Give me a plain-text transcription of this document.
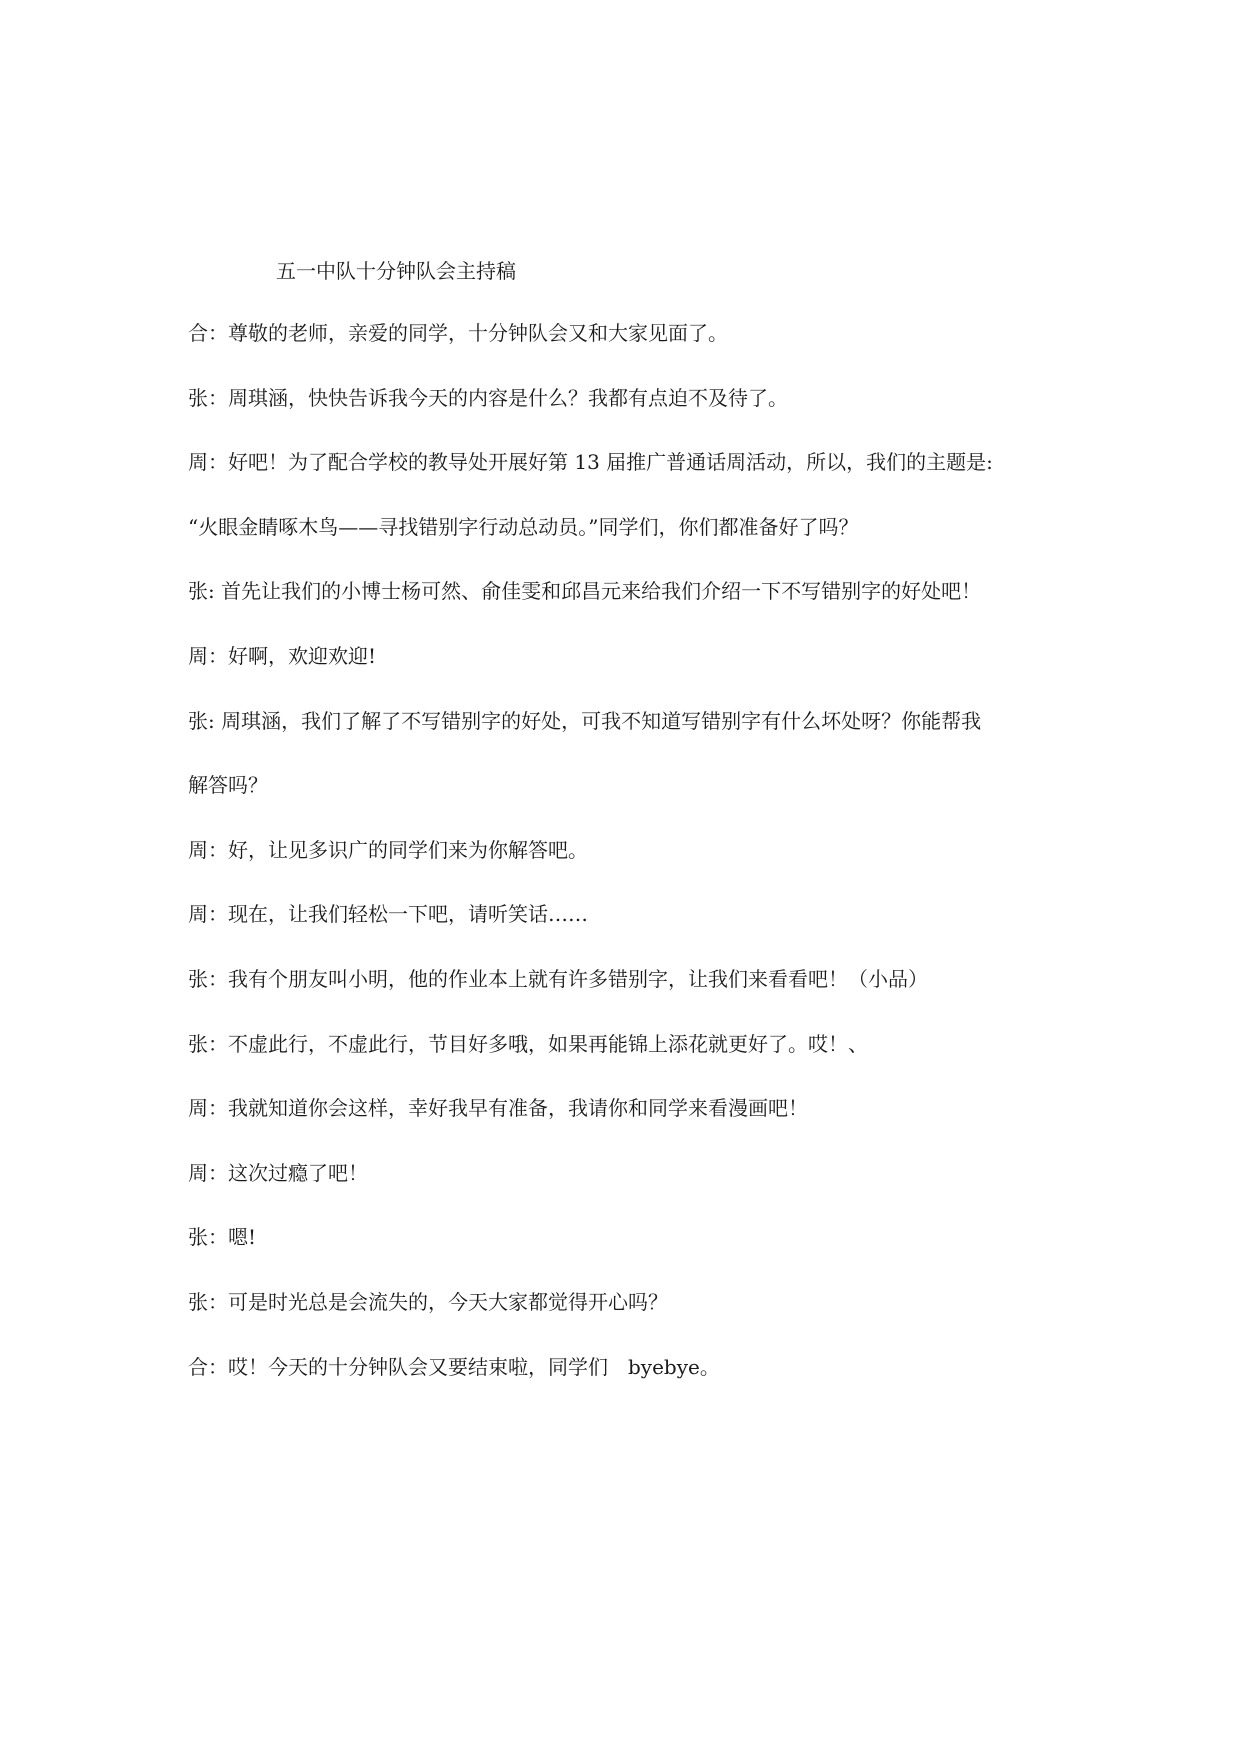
五一中队十分钟队会主持稿
合：尊敬的老师，亲爱的同学，十分钟队会又和大家见面了。
张：周琪涵，快快告诉我今天的内容是什么？我都有点迫不及待了。
周：好吧！为了配合学校的教导处开展好第 13 届推广普通话周活动，所以，我们的主题是:
“火眼金睛啄木鸟——寻找错别字行动总动员。”同学们，你们都准备好了吗？
张: 首先让我们的小博士杨可然、俞佳雯和邱昌元来给我们介绍一下不写错别字的好处吧！
周：好啊，欢迎欢迎!
张: 周琪涵，我们了解了不写错别字的好处，可我不知道写错别字有什么坏处呀？你能帮我
解答吗？
周：好，让见多识广的同学们来为你解答吧。
周：现在，让我们轻松一下吧，请听笑话……
张：我有个朋友叫小明，他的作业本上就有许多错别字，让我们来看看吧！（小品）
张：不虚此行，不虚此行，节目好多哦，如果再能锦上添花就更好了。哎！、
周：我就知道你会这样，幸好我早有准备，我请你和同学来看漫画吧！
周：这次过瘾了吧！
张：嗯!
张：可是时光总是会流失的，今天大家都觉得开心吗？
合：哎！今天的十分钟队会又要结束啦，同学们　byebye。
